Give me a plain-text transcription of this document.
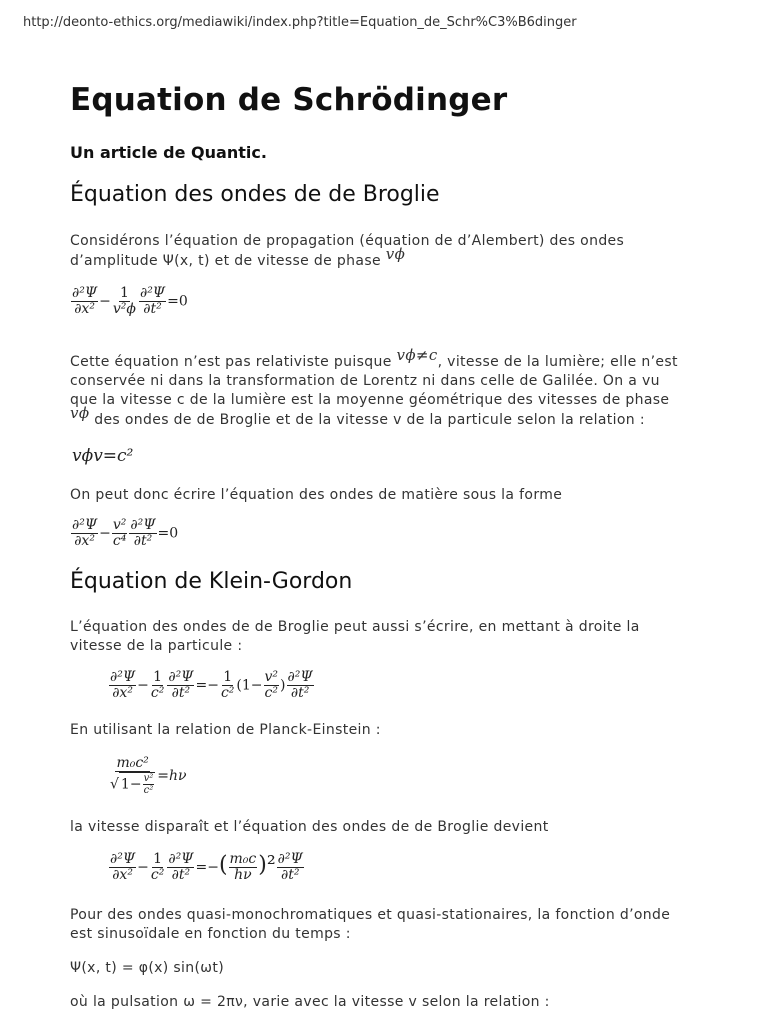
http://deonto-ethics.org/mediawiki/index.php?title=Equation_de_Schr%C3%B6dinger
Equation de Schrödinger
Un article de Quantic.
Équation des ondes de de Broglie
Considérons l’équation de propagation (équation de d’Alembert) des ondes
d’amplitude Ψ(x, t) et de vitesse de phase vϕ
$\frac{\text{∂²Ψ}}{\text{∂x²}} - \frac{1}{\text{v²ϕ}} \frac{\text{∂²Ψ}}{\text{∂t²}} =0$
Cette équation n’est pas relativiste puisque vϕ≠c, vitesse de la lumière; elle n’est
conservée ni dans la transformation de Lorentz ni dans celle de Galilée. On a vu
que la vitesse c de la lumière est la moyenne géométrique des vitesses de phase
vϕ des ondes de de Broglie et de la vitesse v de la particule selon la relation :
vϕv=c²
On peut donc écrire l’équation des ondes de matière sous la forme
$\frac{\text{∂²Ψ}}{\text{∂x²}} - \frac{\text{v²}}{\text{c⁴}} \frac{\text{∂²Ψ}}{\text{∂t²}} =0$
Équation de Klein-Gordon
L’équation des ondes de de Broglie peut aussi s’écrire, en mettant à droite la
vitesse de la particule :
$\frac{\text{∂²Ψ}}{\text{∂x²}} - \frac{1}{\text{c²}} \frac{\text{∂²Ψ}}{\text{∂t²}} =- \frac{1}{\text{c²}} (1- \frac{\text{v²}}{\text{c²}}$ ) $\frac{\text{∂²Ψ}}{\text{∂t²}}$
En utilisant la relation de Planck-Einstein :
$\frac{\text{m₀c²}}{√ 1- \frac{\text{v²}}{\text{c²}}} =h\nu$
la vitesse disparaît et l’équation des ondes de de Broglie devient
$\frac{\text{∂²Ψ}}{\text{∂x²}} - \frac{1}{\text{c²}} \frac{\text{∂²Ψ}}{\text{∂t²}}$ =−( $\frac{\text{m₀c}}{h\nu} )^2 \frac{\text{∂²Ψ}}{\text{∂t²}}$
Pour des ondes quasi-monochromatiques et quasi-stationaires, la fonction d’onde
est sinusoïdale en fonction du temps :
Ψ(x, t) = φ(x) sin(ωt)
où la pulsation ω = 2πν, varie avec la vitesse v selon la relation :
